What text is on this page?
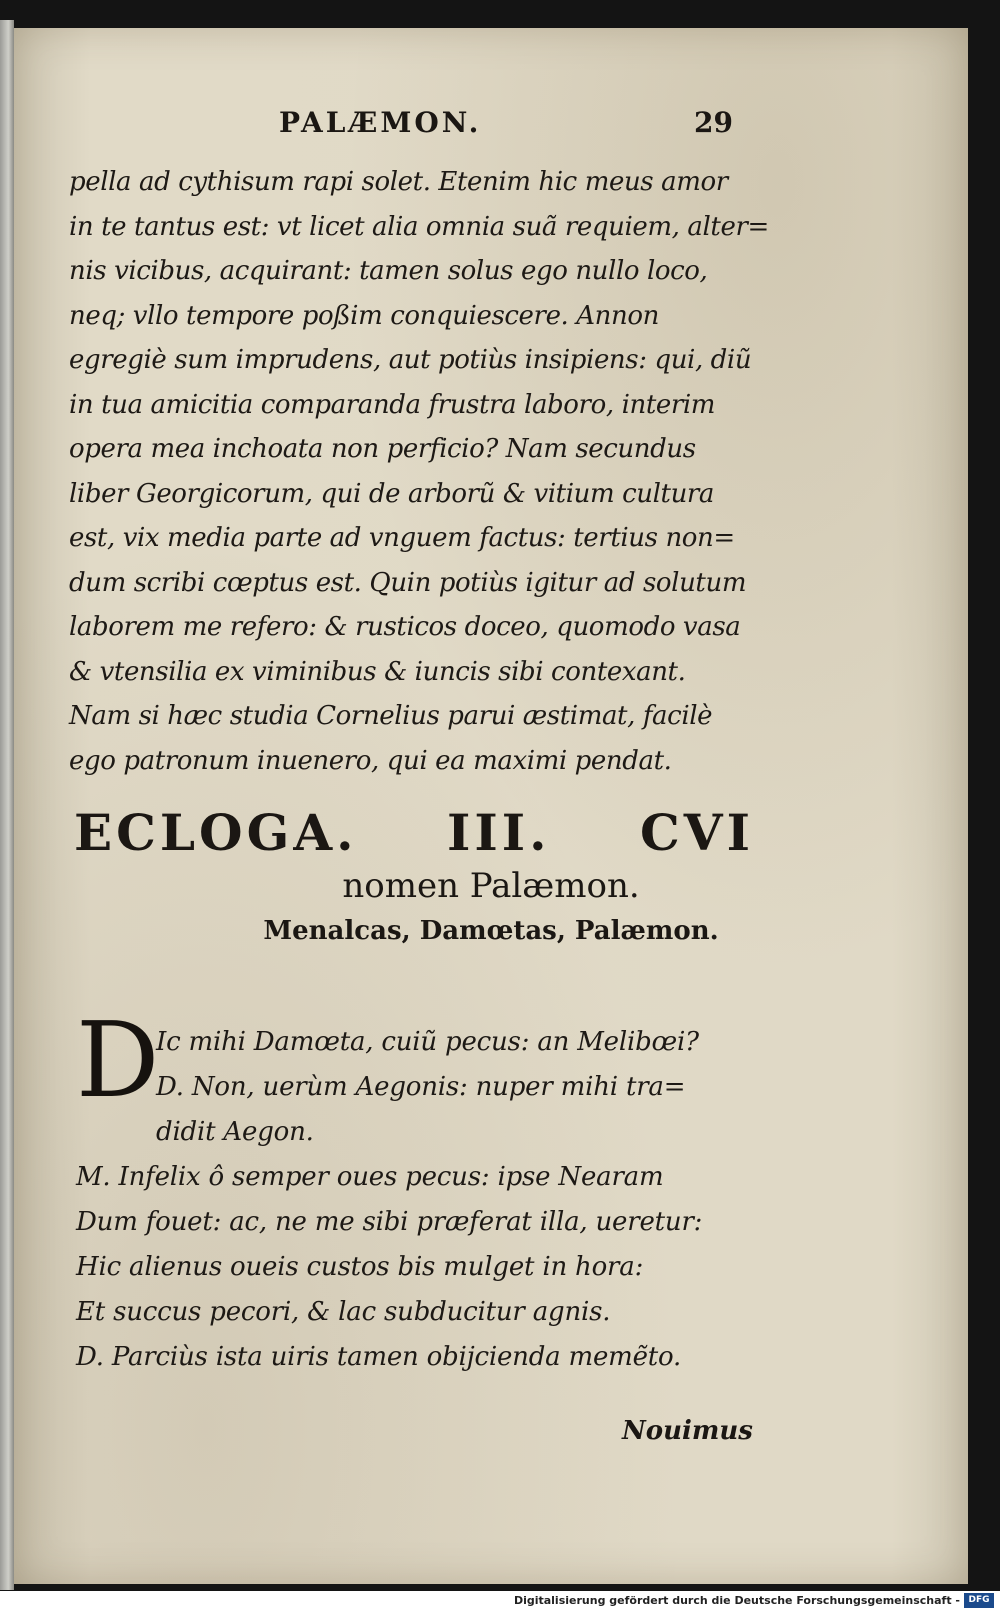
PALÆMON.	29
pella ad cythisum rapi solet. Etenim hic meus amor
in te tantus est: vt licet alia omnia suã requiem, alter=
nis vicibus, acquirant: tamen solus ego nullo loco,
neq; vllo tempore poßim conquiescere. Annon
egregiè sum imprudens, aut potiùs insipiens: qui, diũ
in tua amicitia comparanda frustra laboro, interim
opera mea inchoata non perficio? Nam secundus
liber Georgicorum, qui de arborũ & vitium cultura
est, vix media parte ad vnguem factus: tertius non=
dum scribi cœptus est. Quin potiùs igitur ad solutum
laborem me refero: & rusticos doceo, quomodo vasa
& vtensilia ex viminibus & iuncis sibi contexant.
Nam si hæc studia Cornelius parui æstimat, facilè
ego patronum inuenero, qui ea maximi pendat.
ECLOGA. III. CVI
nomen Palæmon.
Menalcas, Damœtas, Palæmon.
D
Ic mihi Damœta, cuiũ pecus: an Melibœi?
D. Non, uerùm Aegonis: nuper mihi tra=
didit Aegon.
M. Infelix ô semper oues pecus: ipse Nearam
Dum fouet: ac, ne me sibi præferat illa, ueretur:
Hic alienus oueis custos bis mulget in hora:
Et succus pecori, & lac subducitur agnis.
D. Parciùs ista uiris tamen obijcienda memẽto.
Nouimus
Digitalisierung gefördert durch die Deutsche Forschungsgemeinschaft - DFG
